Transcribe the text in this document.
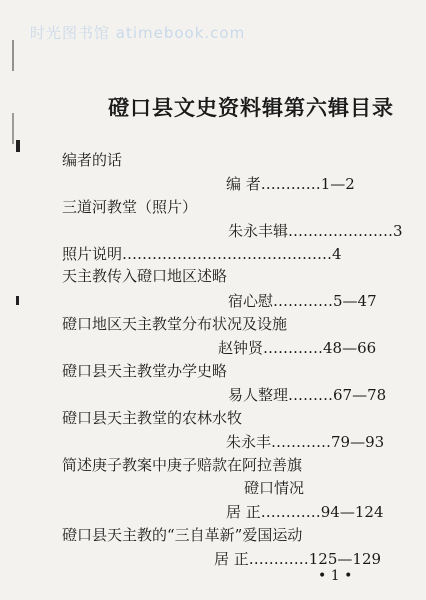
时光图书馆 atimebook.com
磴口县文史资料辑第六辑目录
编者的话
编 者…………1—2
三道河教堂（照片）
朱永丰辑…………………3
照片说明……………………………………4
天主教传入磴口地区述略
宿心慰…………5—47
磴口地区天主教堂分布状况及设施
赵钟贤…………48—66
磴口县天主教堂办学史略
易人整理………67—78
磴口县天主教堂的农林水牧
朱永丰…………79—93
简述庚子教案中庚子赔款在阿拉善旗
磴口情况
居 正…………94—124
磴口县天主教的“三自革新”爱国运动
居 正…………125—129
• 1 •
